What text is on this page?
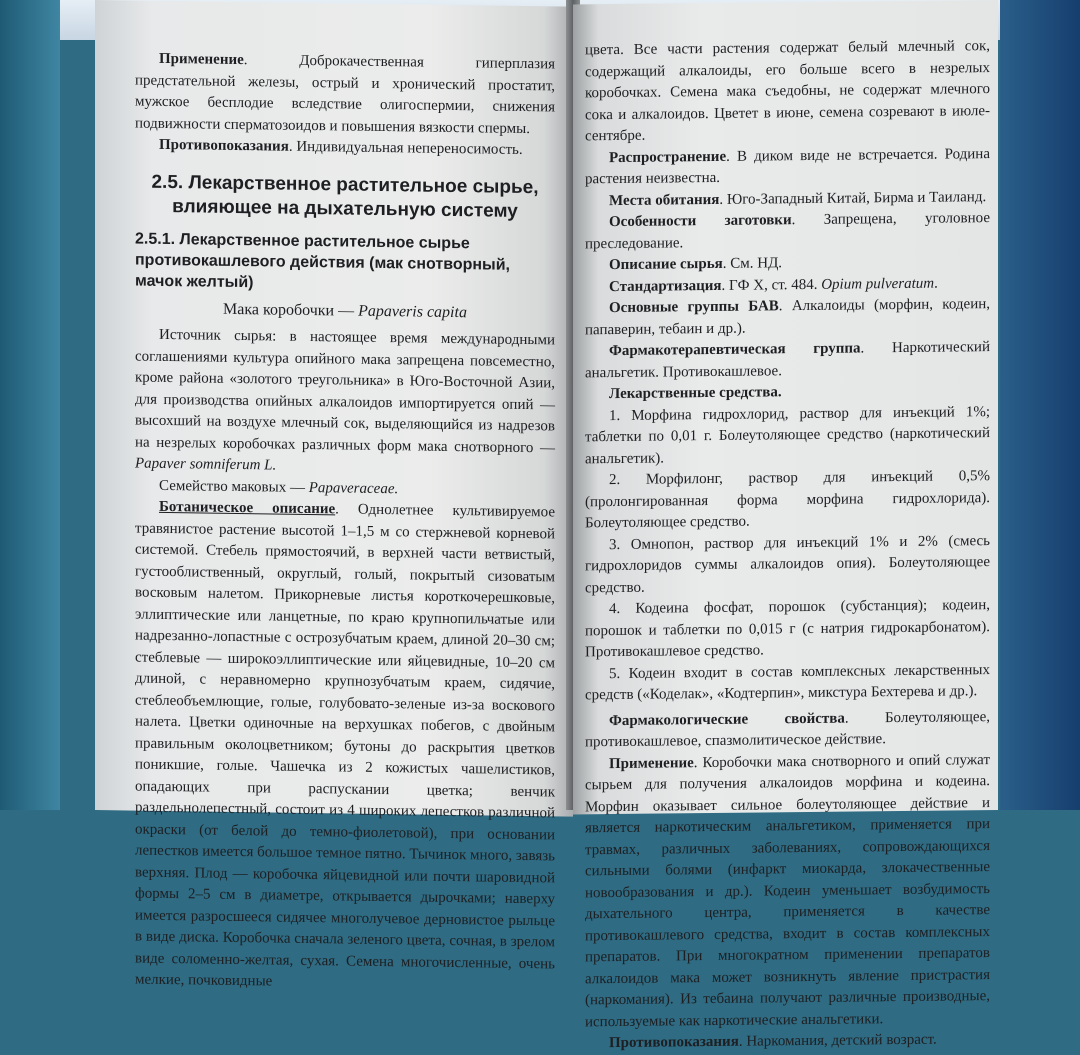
Применение. Доброкачественная гиперплазия предстательной железы, острый и хронический простатит, мужское бесплодие вследствие олигоспермии, снижения подвижности сперматозоидов и повышения вязкости спермы.

Противопоказания. Индивидуальная непереносимость.

2.5. Лекарственное растительное сырье, влияющее на дыхательную систему
2.5.1. Лекарственное растительное сырье противокашлевого действия (мак снотворный, мачок желтый)

Мака коробочки — Papaveris capita

Источник сырья: в настоящее время международными соглашениями культура опийного мака запрещена повсеместно, кроме района «золотого треугольника» в Юго-Восточной Азии, для производства опийных алкалоидов импортируется опий — высохший на воздухе млечный сок, выделяющийся из надрезов на незрелых коробочках различных форм мака снотворного — Papaver somniferum L.

Семейство маковых — Papaveraceae.

Ботаническое описание. Однолетнее культивируемое травянистое растение высотой 1–1,5 м со стержневой корневой системой. Стебель прямостоячий, в верхней части ветвистый, густооблиственный, округлый, голый, покрытый сизоватым восковым налетом. Прикорневые листья короткочерешковые, эллиптические или ланцетные, по краю крупнопильчатые или надрезанно-лопастные с острозубчатым краем, длиной 20–30 см; стеблевые — широкоэллиптические или яйцевидные, 10–20 см длиной, с неравномерно крупнозубчатым краем, сидячие, стеблеобъемлющие, голые, голубовато-зеленые из-за воскового налета. Цветки одиночные на верхушках побегов, с двойным правильным околоцветником; бутоны до раскрытия цветков поникшие, голые. Чашечка из 2 кожистых чашелистиков, опадающих при распускании цветка; венчик раздельнолепестный, состоит из 4 широких лепестков различной окраски (от белой до темно-фиолетовой), при основании лепестков имеется большое темное пятно. Тычинок много, завязь верхняя. Плод — коробочка яйцевидной или почти шаровидной формы 2–5 см в диаметре, открывается дырочками; наверху имеется разросшееся сидячее многолучевое дерновистое рыльце в виде диска. Коробочка сначала зеленого цвета, сочная, в зрелом виде соломенно-желтая, сухая. Семена многочисленные, очень мелкие, почковидные

цвета. Все части растения содержат белый млечный сок, содержащий алкалоиды, его больше всего в незрелых коробочках. Семена мака съедобны, не содержат млечного сока и алкалоидов. Цветет в июне, семена созревают в июле-сентябре.

Распространение. В диком виде не встречается. Родина растения неизвестна.

Места обитания. Юго-Западный Китай, Бирма и Таиланд.

Особенности заготовки. Запрещена, уголовное преследование.

Описание сырья. См. НД.

Стандартизация. ГФ X, ст. 484. Opium pulveratum.

Основные группы БАВ. Алкалоиды (морфин, кодеин, папаверин, тебаин и др.).

Фармакотерапевтическая группа. Наркотический анальгетик. Противокашлевое.

Лекарственные средства.

1. Морфина гидрохлорид, раствор для инъекций 1%; таблетки по 0,01 г. Болеутоляющее средство (наркотический анальгетик).

2. Морфилонг, раствор для инъекций 0,5% (пролонгированная форма морфина гидрохлорида). Болеутоляющее средство.

3. Омнопон, раствор для инъекций 1% и 2% (смесь гидрохлоридов суммы алкалоидов опия). Болеутоляющее средство.

4. Кодеина фосфат, порошок (субстанция); кодеин, порошок и таблетки по 0,015 г (с натрия гидрокарбонатом). Противокашлевое средство.

5. Кодеин входит в состав комплексных лекарственных средств («Коделак», «Кодтерпин», микстура Бехтерева и др.).

Фармакологические свойства. Болеутоляющее, противокашлевое, спазмолитическое действие.

Применение. Коробочки мака снотворного и опий служат сырьем для получения алкалоидов морфина и кодеина. Морфин оказывает сильное болеутоляющее действие и является наркотическим анальгетиком, применяется при травмах, различных заболеваниях, сопровождающихся сильными болями (инфаркт миокарда, злокачественные новообразования и др.). Кодеин уменьшает возбудимость дыхательного центра, применяется в качестве противокашлевого средства, входит в состав комплексных препаратов. При многократном применении препаратов алкалоидов мака может возникнуть явление пристрастия (наркомания). Из тебаина получают различные производные, используемые как наркотические анальгетики.

Противопоказания. Наркомания, детский возраст.
